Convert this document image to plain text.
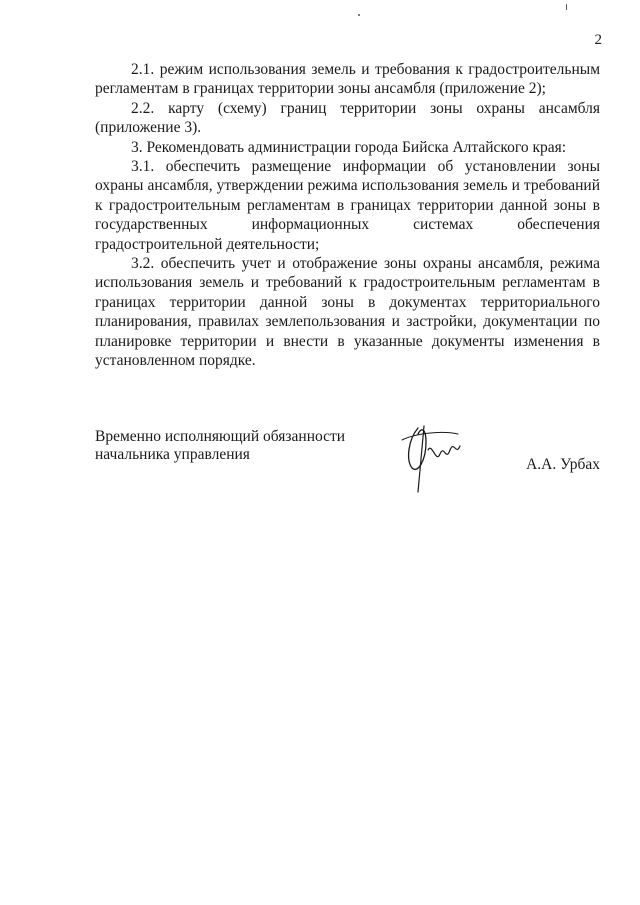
2

2.1. режим использования земель и требования к градостроительным регламентам в границах территории зоны ансамбля (приложение 2);

2.2. карту (схему) границ территории зоны охраны ансамбля (приложение 3).

3. Рекомендовать администрации города Бийска Алтайского края:

3.1. обеспечить размещение информации об установлении зоны охраны ансамбля, утверждении режима использования земель и требований к градостроительным регламентам в границах территории данной зоны в государственных информационных системах обеспечения градостроительной деятельности;

3.2. обеспечить учет и отображение зоны охраны ансамбля, режима использования земель и требований к градостроительным регламентам в границах территории данной зоны в документах территориального планирования, правилах землепользования и застройки, документации по планировке территории и внести в указанные документы изменения в установленном порядке.

Временно исполняющий обязанности
начальника управления
А.А. Урбах
